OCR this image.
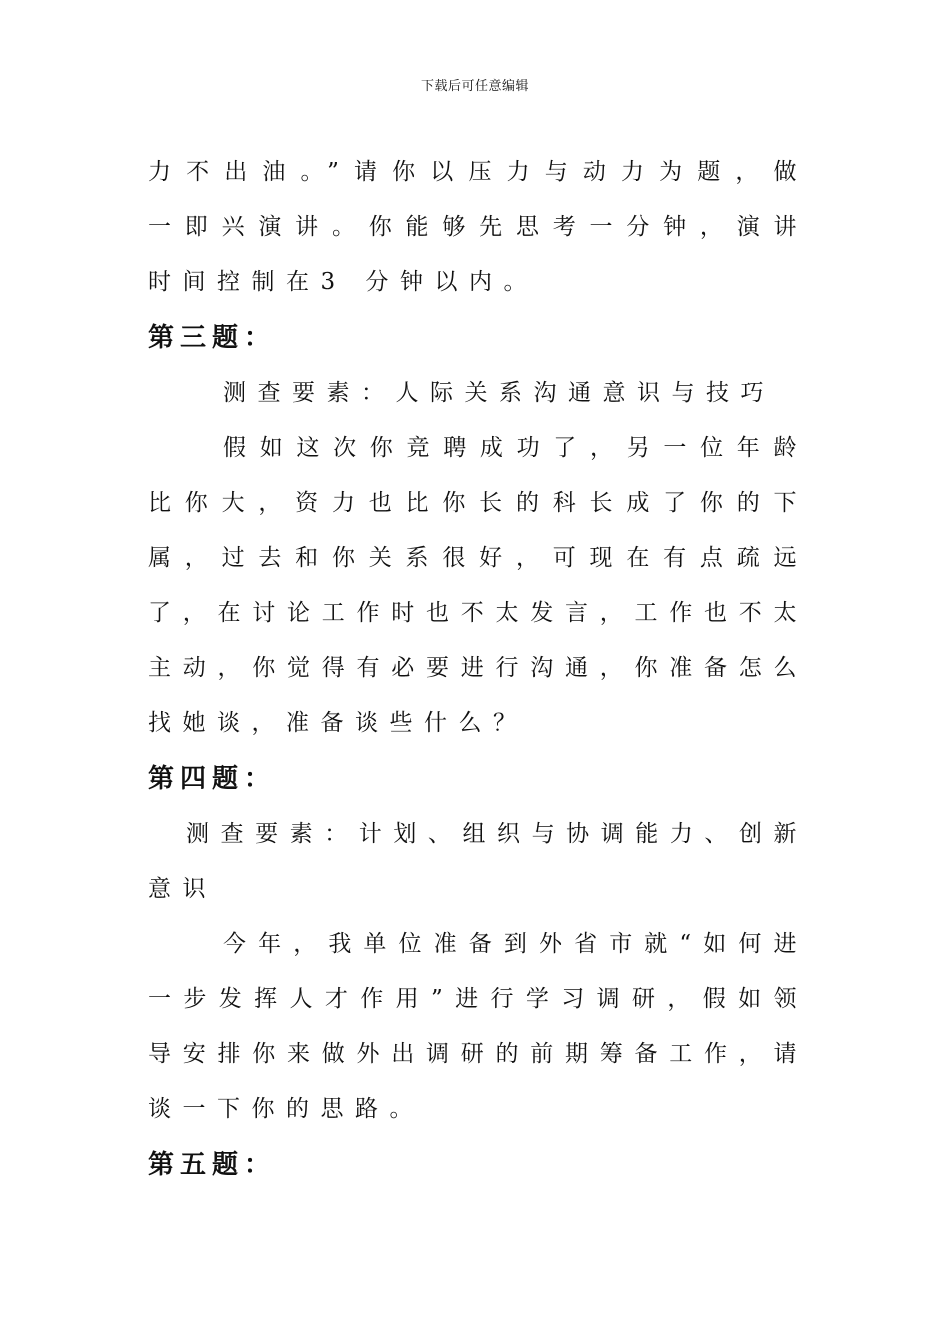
下载后可任意编辑

力不出油。”请你以压力与动力为题，做

一即兴演讲。你能够先思考一分钟，演讲

时间控制在3 分钟以内。

第三题：

测查要素：人际关系沟通意识与技巧

假如这次你竞聘成功了，另一位年龄比你大，资力也比你长的科长成了你的下属，过去和你关系很好，可现在有点疏远了，在讨论工作时也不太发言，工作也不太主动，你觉得有必要进行沟通，你准备怎么找她谈，准备谈些什么？

第四题：

测查要素：计划、组织与协调能力、创新意识

今年，我单位准备到外省市就“如何进一步发挥人才作用”进行学习调研，假如领导安排你来做外出调研的前期筹备工作，请谈一下你的思路。

第五题：
